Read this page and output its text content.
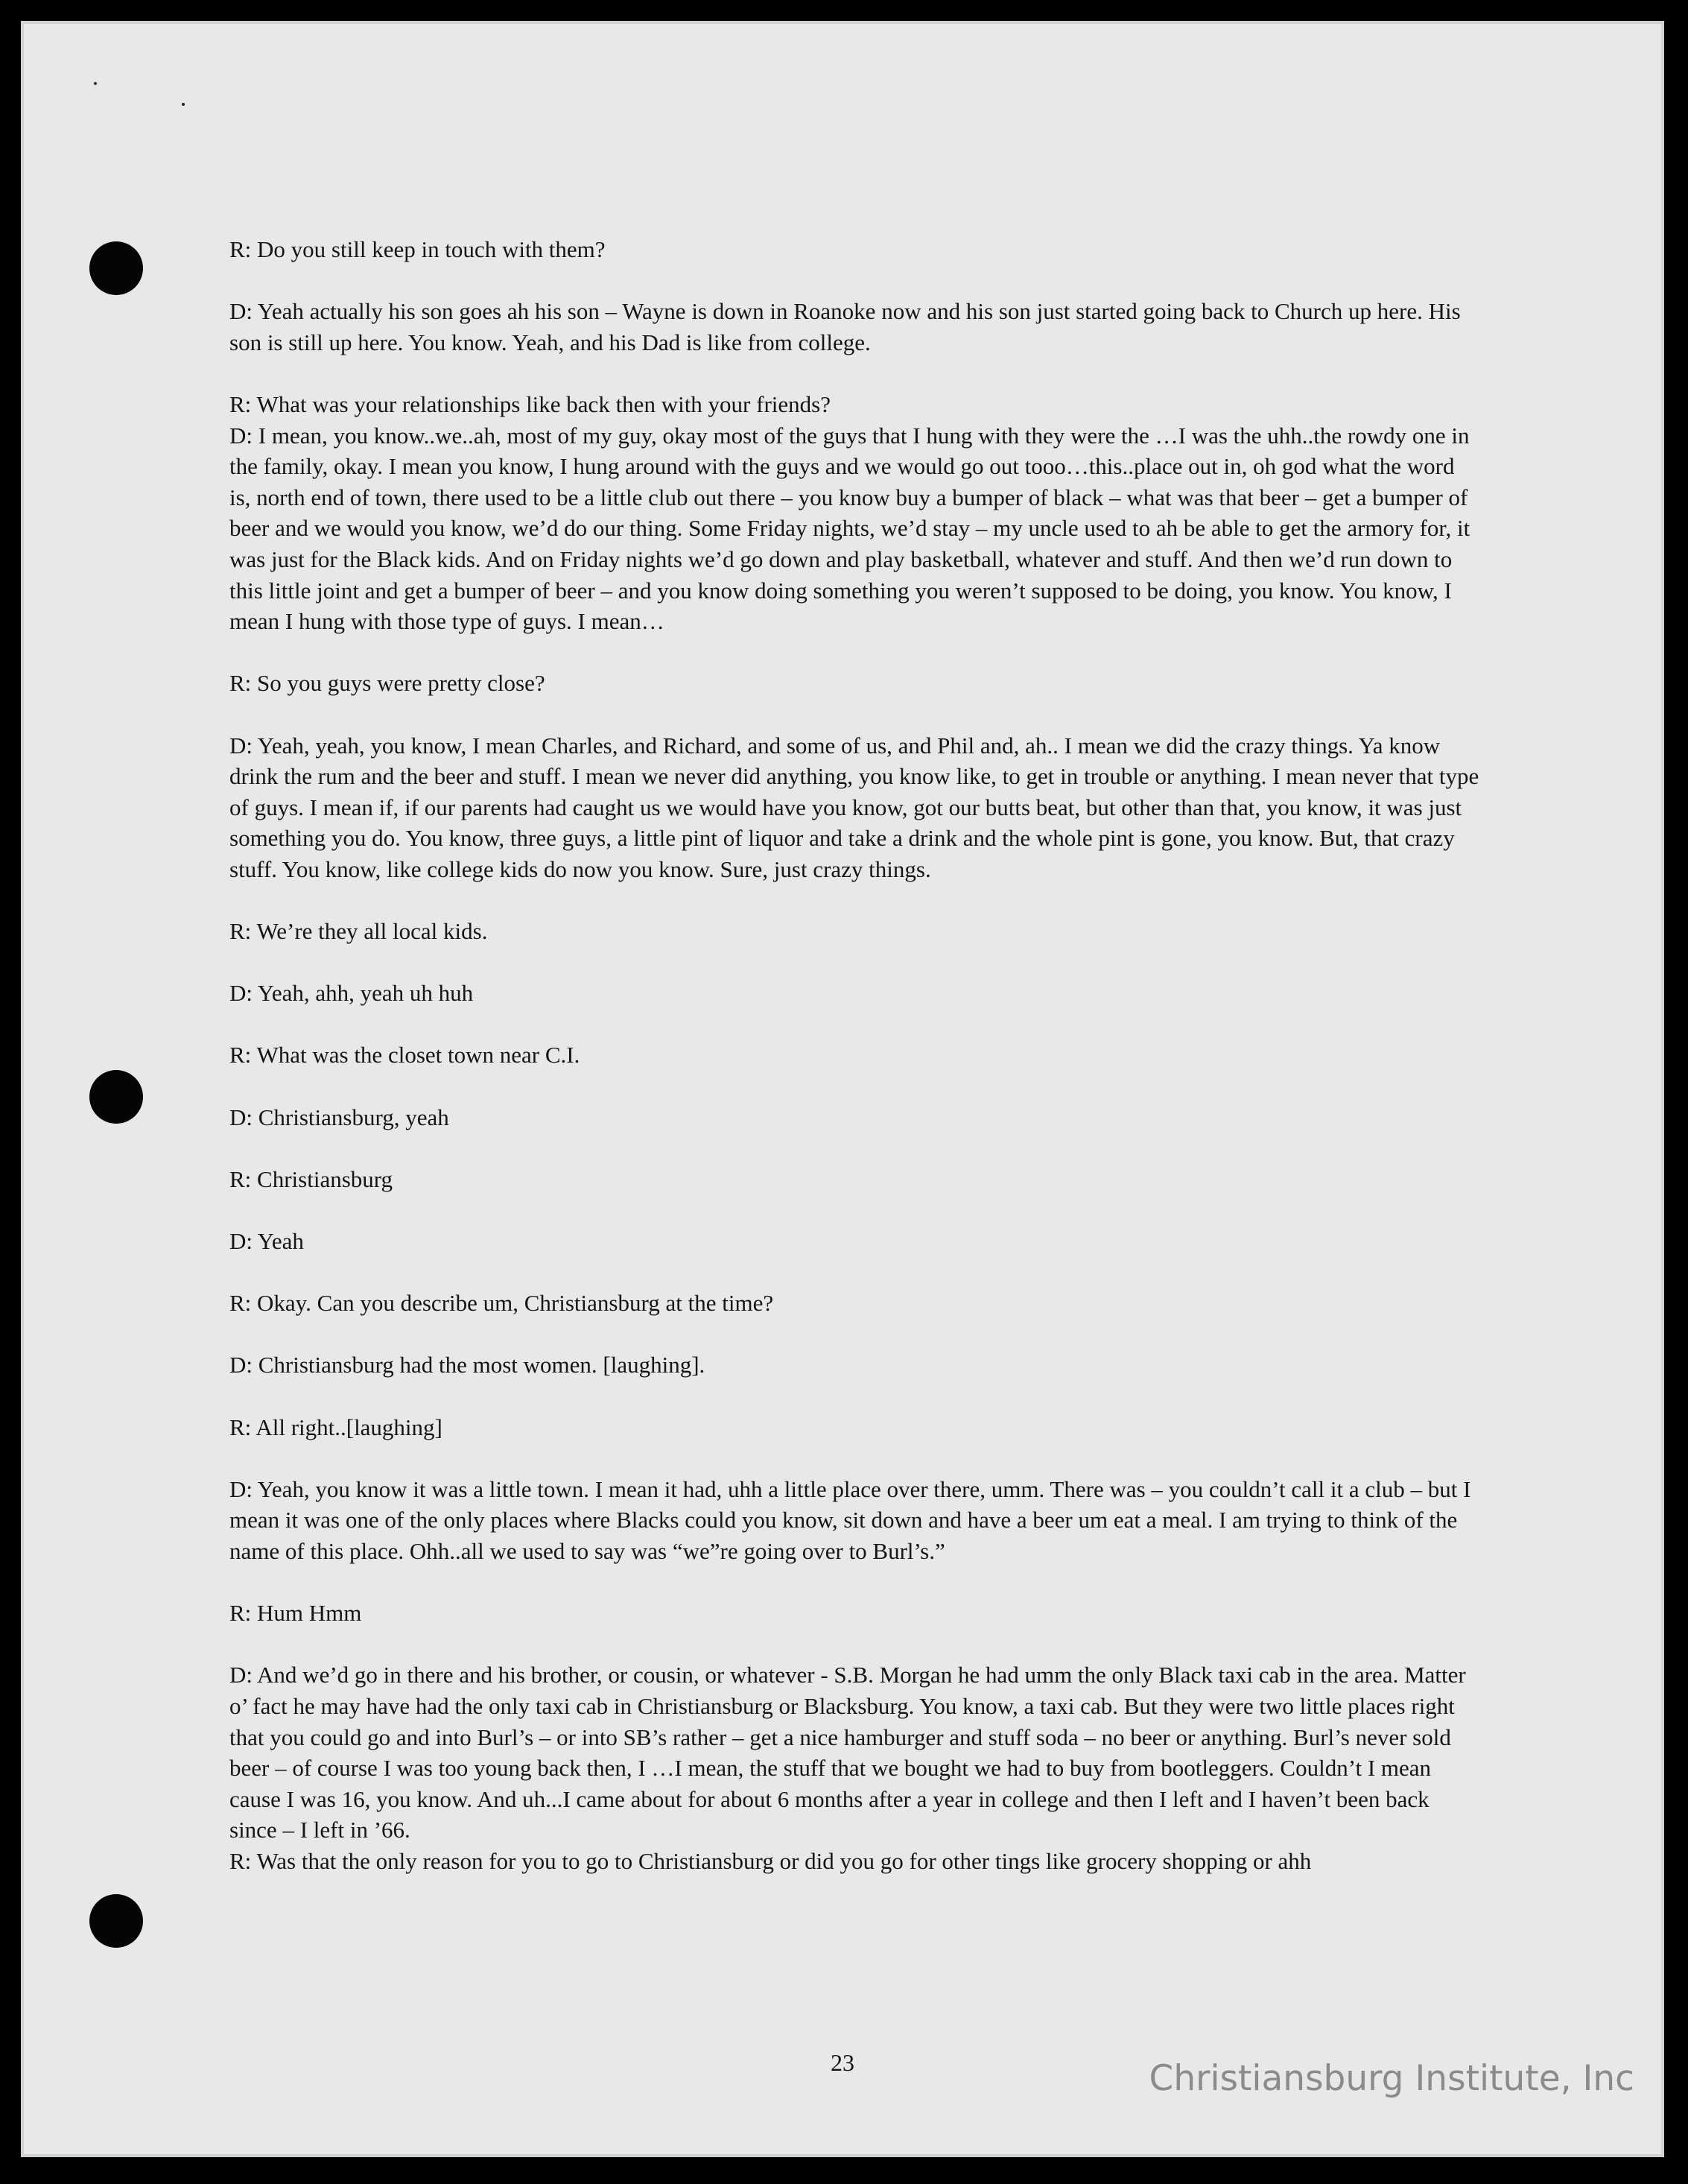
R: Do you still keep in touch with them?

D: Yeah actually his son goes ah his son – Wayne is down in Roanoke now and his son just started going back to Church up here. His son is still up here. You know. Yeah, and his Dad is like from college.

R: What was your relationships like back then with your friends?

D: I mean, you know..we..ah, most of my guy, okay most of the guys that I hung with they were the …I was the uhh..the rowdy one in the family, okay. I mean you know, I hung around with the guys and we would go out tooo…this..place out in, oh god what the word is, north end of town, there used to be a little club out there – you know buy a bumper of black – what was that beer – get a bumper of beer and we would you know, we’d do our thing. Some Friday nights, we’d stay – my uncle used to ah be able to get the armory for, it was just for the Black kids. And on Friday nights we’d go down and play basketball, whatever and stuff. And then we’d run down to this little joint and get a bumper of beer – and you know doing something you weren’t supposed to be doing, you know. You know, I mean I hung with those type of guys. I mean…

R: So you guys were pretty close?

D: Yeah, yeah, you know, I mean Charles, and Richard, and some of us, and Phil and, ah.. I mean we did the crazy things. Ya know drink the rum and the beer and stuff. I mean we never did anything, you know like, to get in trouble or anything. I mean never that type of guys. I mean if, if our parents had caught us we would have you know, got our butts beat, but other than that, you know, it was just something you do. You know, three guys, a little pint of liquor and take a drink and the whole pint is gone, you know. But, that crazy stuff. You know, like college kids do now you know. Sure, just crazy things.

R: We’re they all local kids.

D: Yeah, ahh, yeah uh huh

R: What was the closet town near C.I.

D: Christiansburg, yeah

R: Christiansburg

D: Yeah

R: Okay. Can you describe um, Christiansburg at the time?

D: Christiansburg had the most women. [laughing].

R: All right..[laughing]

D: Yeah, you know it was a little town. I mean it had, uhh a little place over there, umm. There was – you couldn’t call it a club – but I mean it was one of the only places where Blacks could you know, sit down and have a beer um eat a meal. I am trying to think of the name of this place. Ohh..all we used to say was “we”re going over to Burl’s.”

R: Hum Hmm

D: And we’d go in there and his brother, or cousin, or whatever - S.B. Morgan he had umm the only Black taxi cab in the area. Matter o’ fact he may have had the only taxi cab in Christiansburg or Blacksburg. You know, a taxi cab. But they were two little places right that you could go and into Burl’s – or into SB’s rather – get a nice hamburger and stuff soda – no beer or anything. Burl’s never sold beer – of course I was too young back then, I …I mean, the stuff that we bought we had to buy from bootleggers. Couldn’t I mean cause I was 16, you know. And uh...I came about for about 6 months after a year in college and then I left and I haven’t been back since – I left in ’66.

R: Was that the only reason for you to go to Christiansburg or did you go for other tings like grocery shopping or ahh

23	Christiansburg Institute, Inc
